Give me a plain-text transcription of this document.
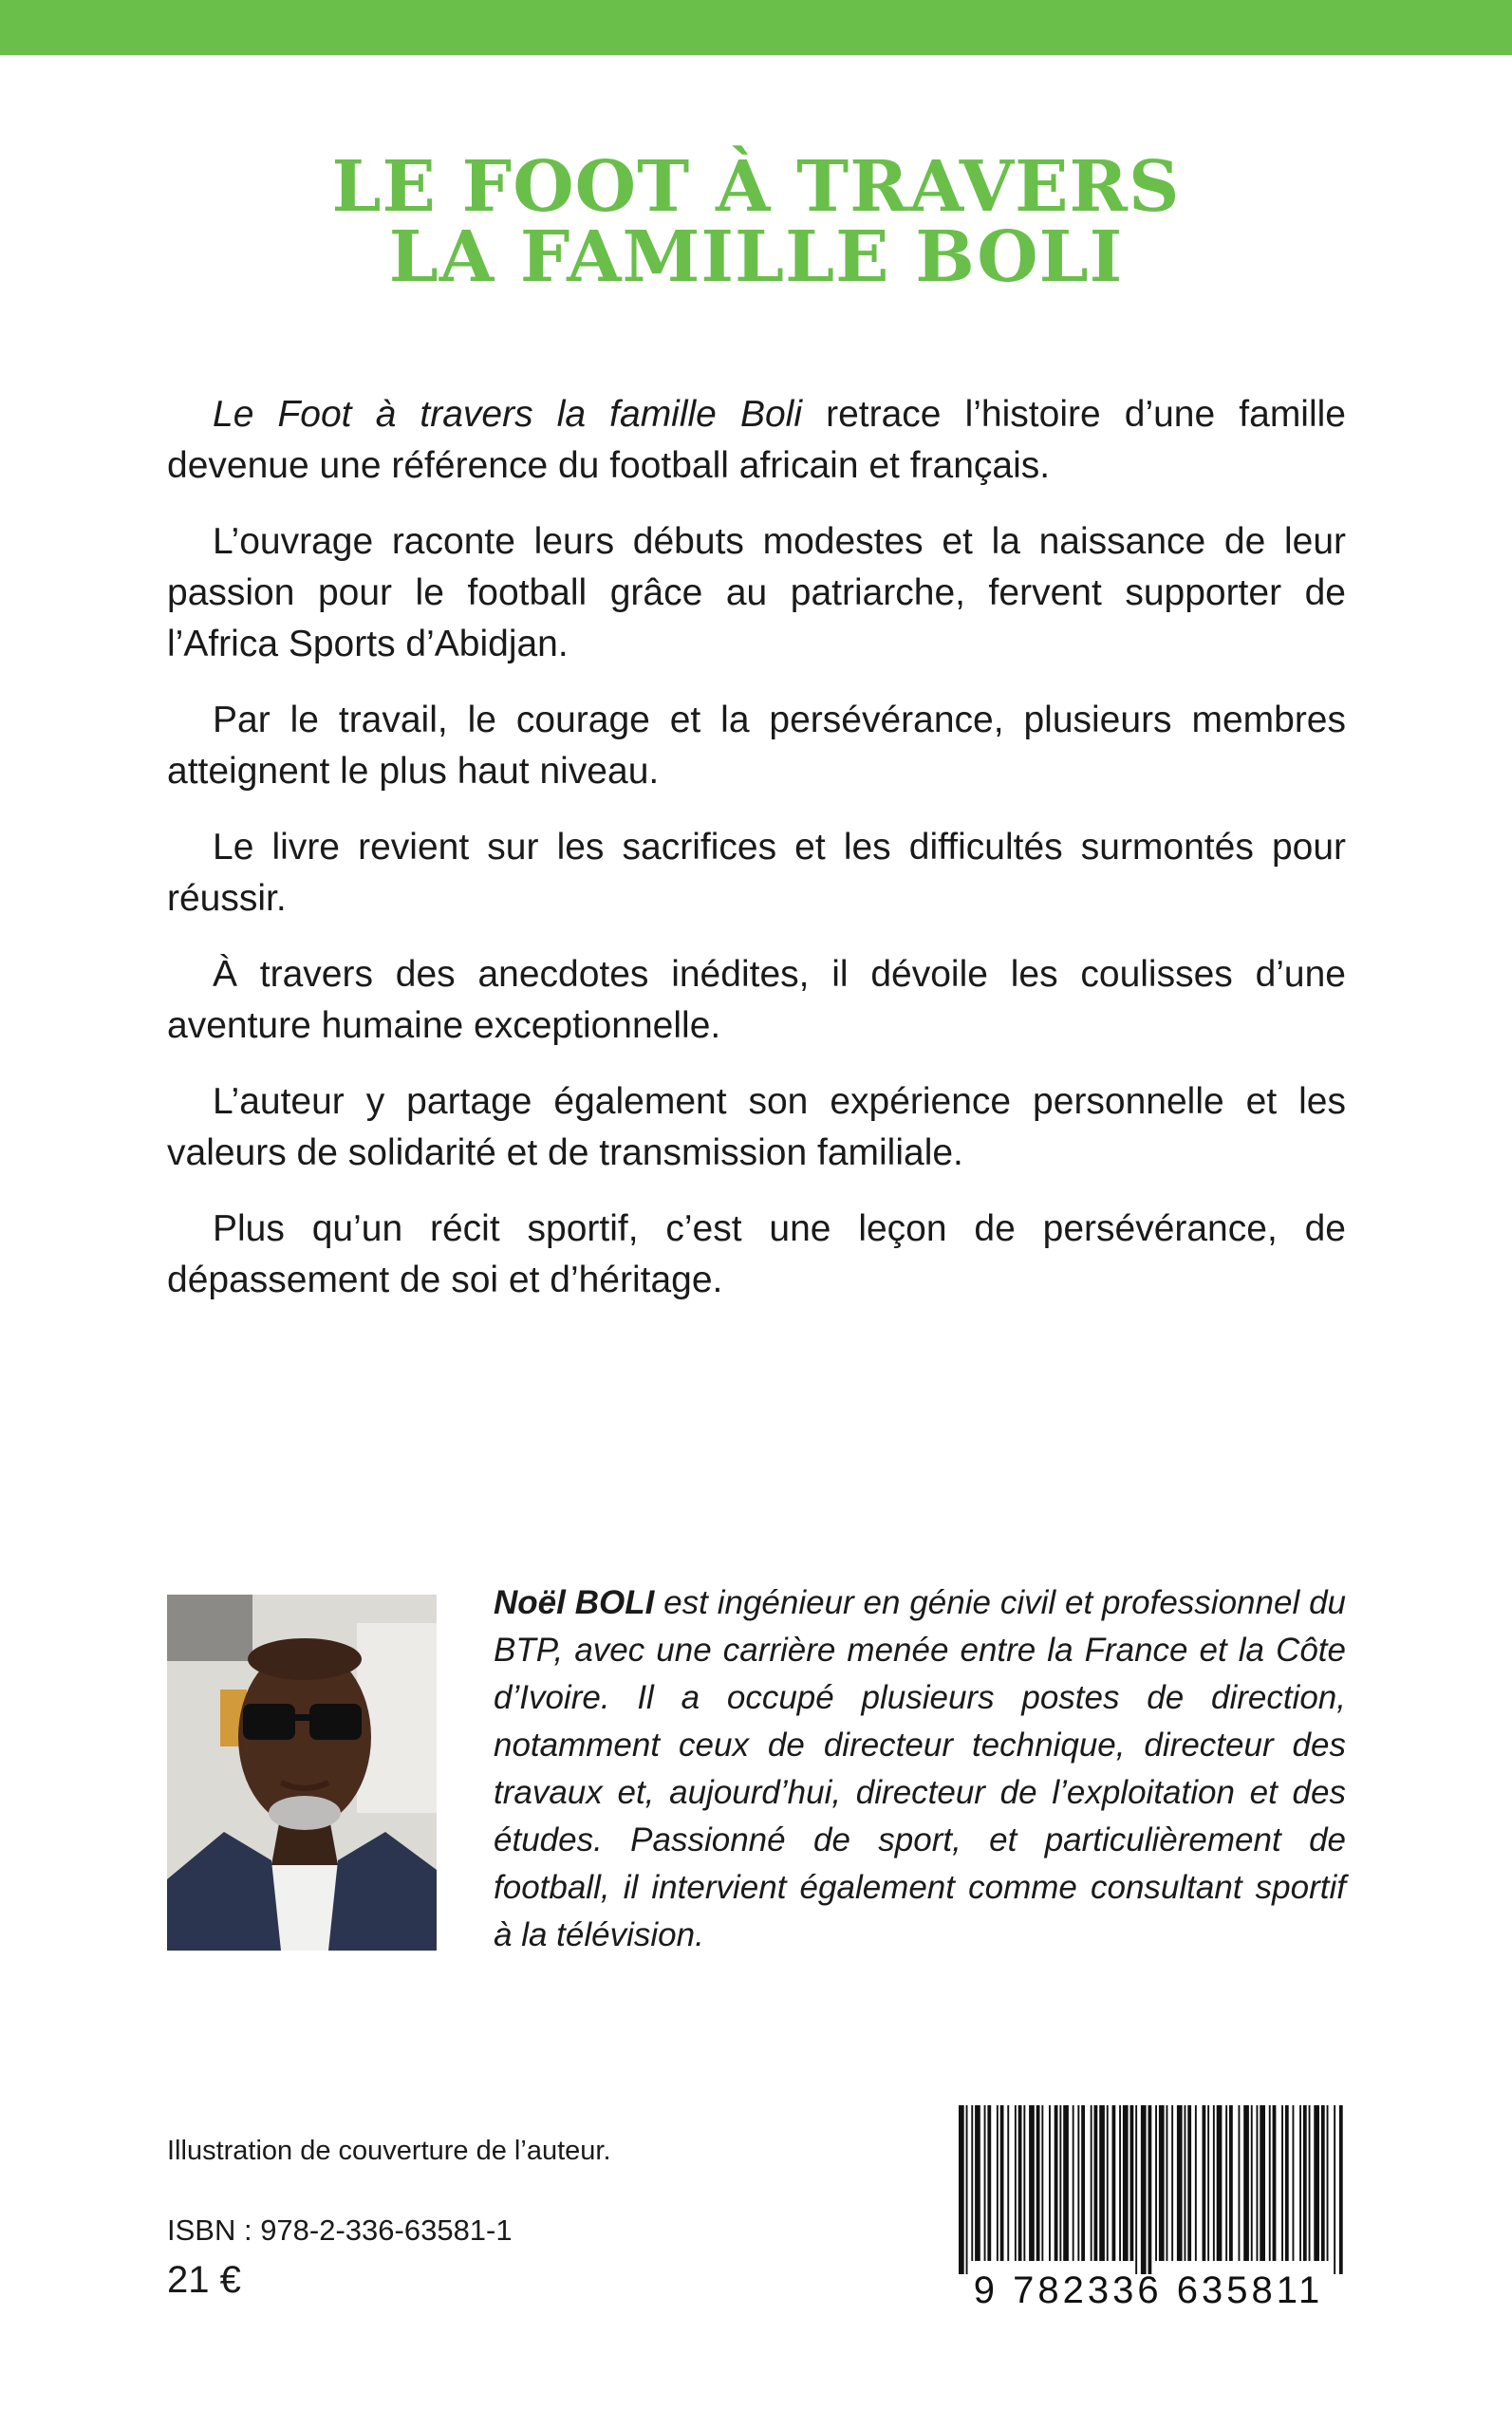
LE FOOT À TRAVERS
LA FAMILLE BOLI

Le Foot à travers la famille Boli retrace l’histoire d’une famille devenue une référence du football africain et français.

L’ouvrage raconte leurs débuts modestes et la naissance de leur passion pour le football grâce au patriarche, fervent supporter de l’Africa Sports d’Abidjan.

Par le travail, le courage et la persévérance, plusieurs membres atteignent le plus haut niveau.

Le livre revient sur les sacrifices et les difficultés surmontés pour réussir.

À travers des anecdotes inédites, il dévoile les coulisses d’une aventure humaine exceptionnelle.

L’auteur y partage également son expérience personnelle et les valeurs de solidarité et de transmission familiale.

Plus qu’un récit sportif, c’est une leçon de persévérance, de dépassement de soi et d’héritage.

Noël BOLI est ingénieur en génie civil et professionnel du BTP, avec une carrière menée entre la France et la Côte d’Ivoire. Il a occupé plusieurs postes de direction, notamment ceux de directeur technique, directeur des travaux et, aujourd’hui, directeur de l’exploitation et des études. Passionné de sport, et particulièrement de football, il intervient également comme consultant sportif à la télévision.

Illustration de couverture de l’auteur.
ISBN : 978-2-336-63581-1
21 €	9 782336 635811
